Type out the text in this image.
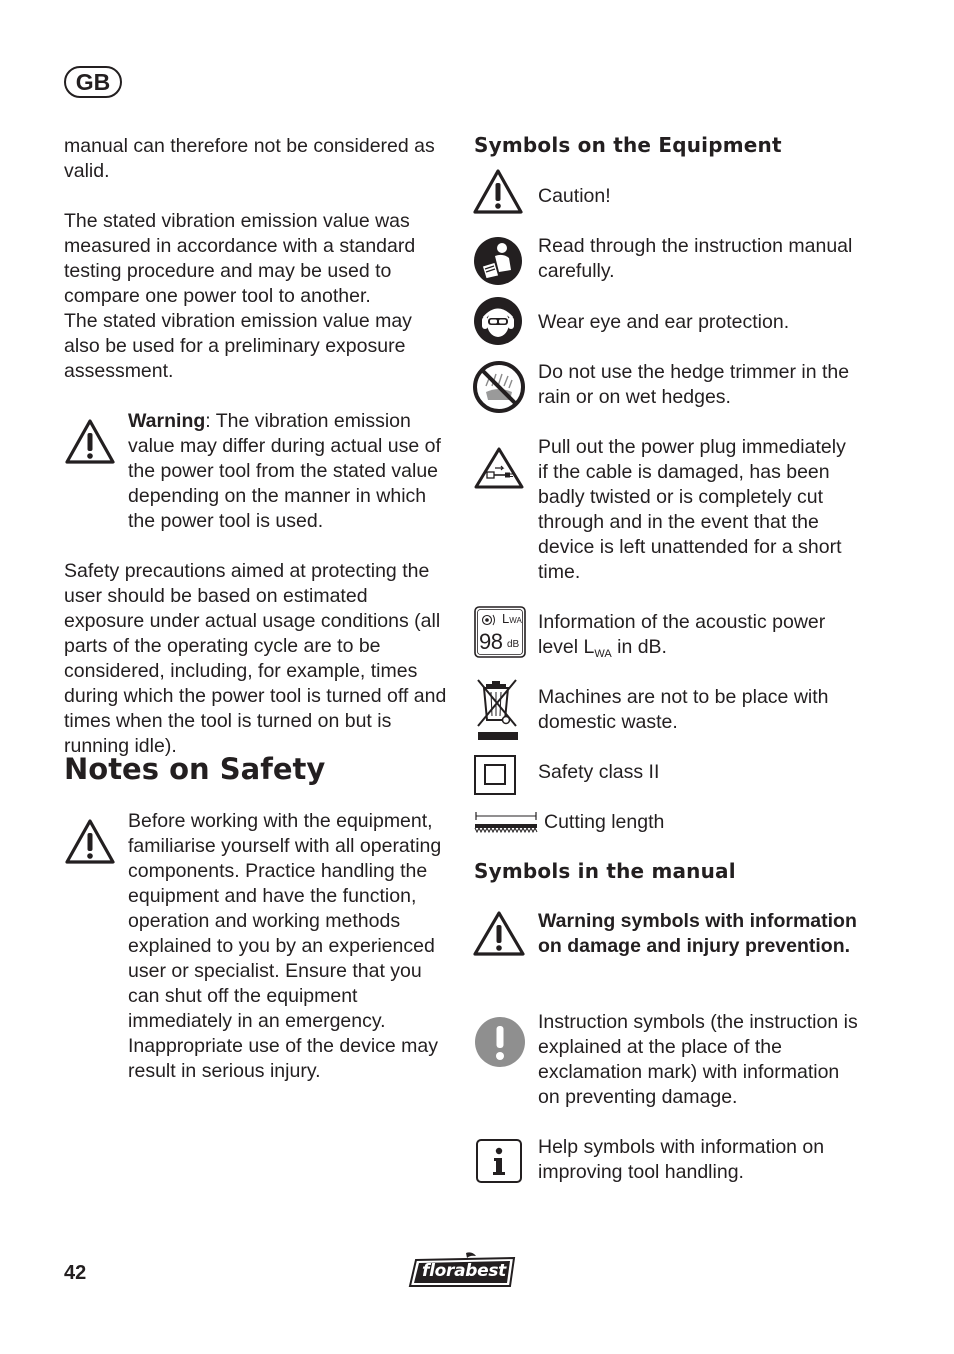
GB
manual can therefore not be considered as valid.
The stated vibration emission value was measured in accordance with a standard testing procedure and may be used to compare one power tool to another.
The stated vibration emission value may also be used for a preliminary exposure assessment.
Warning: The vibration emission value may differ during actual use of the power tool from the stated value depending on the manner in which the power tool is used.
Safety precautions aimed at protecting the user should be based on estimated exposure under actual usage conditions (all parts of the operating cycle are to be considered, including, for example, times during which the power tool is turned off and times when the tool is turned on but is running idle).
Notes on Safety
Before working with the equipment, familiarise yourself with all operating components. Practice handling the equipment and have the function, operation and working methods explained to you by an experienced user or specialist. Ensure that you can shut off the equipment immediately in an emergency. Inappropriate use of the device may result in serious injury.
Symbols on the Equipment
Caution!
Read through the instruction manual carefully.
Wear eye and ear protection.
Do not use the hedge trimmer in the rain or on wet hedges.
Pull out the power plug immediately if the cable is damaged, has been badly twisted or is completely cut through and in the event that the device is left unattended for a short time.
LWA
98 dB
Information of the acoustic power level $L_{WA}$ in dB.
Machines are not to be place with domestic waste.
Safety class II
Cutting length
Symbols in the manual
Warning symbols with information on damage and injury prevention.
Instruction symbols (the instruction is explained at the place of the exclamation mark) with information on preventing damage.
Help symbols with information on improving tool handling.
42	florabest
